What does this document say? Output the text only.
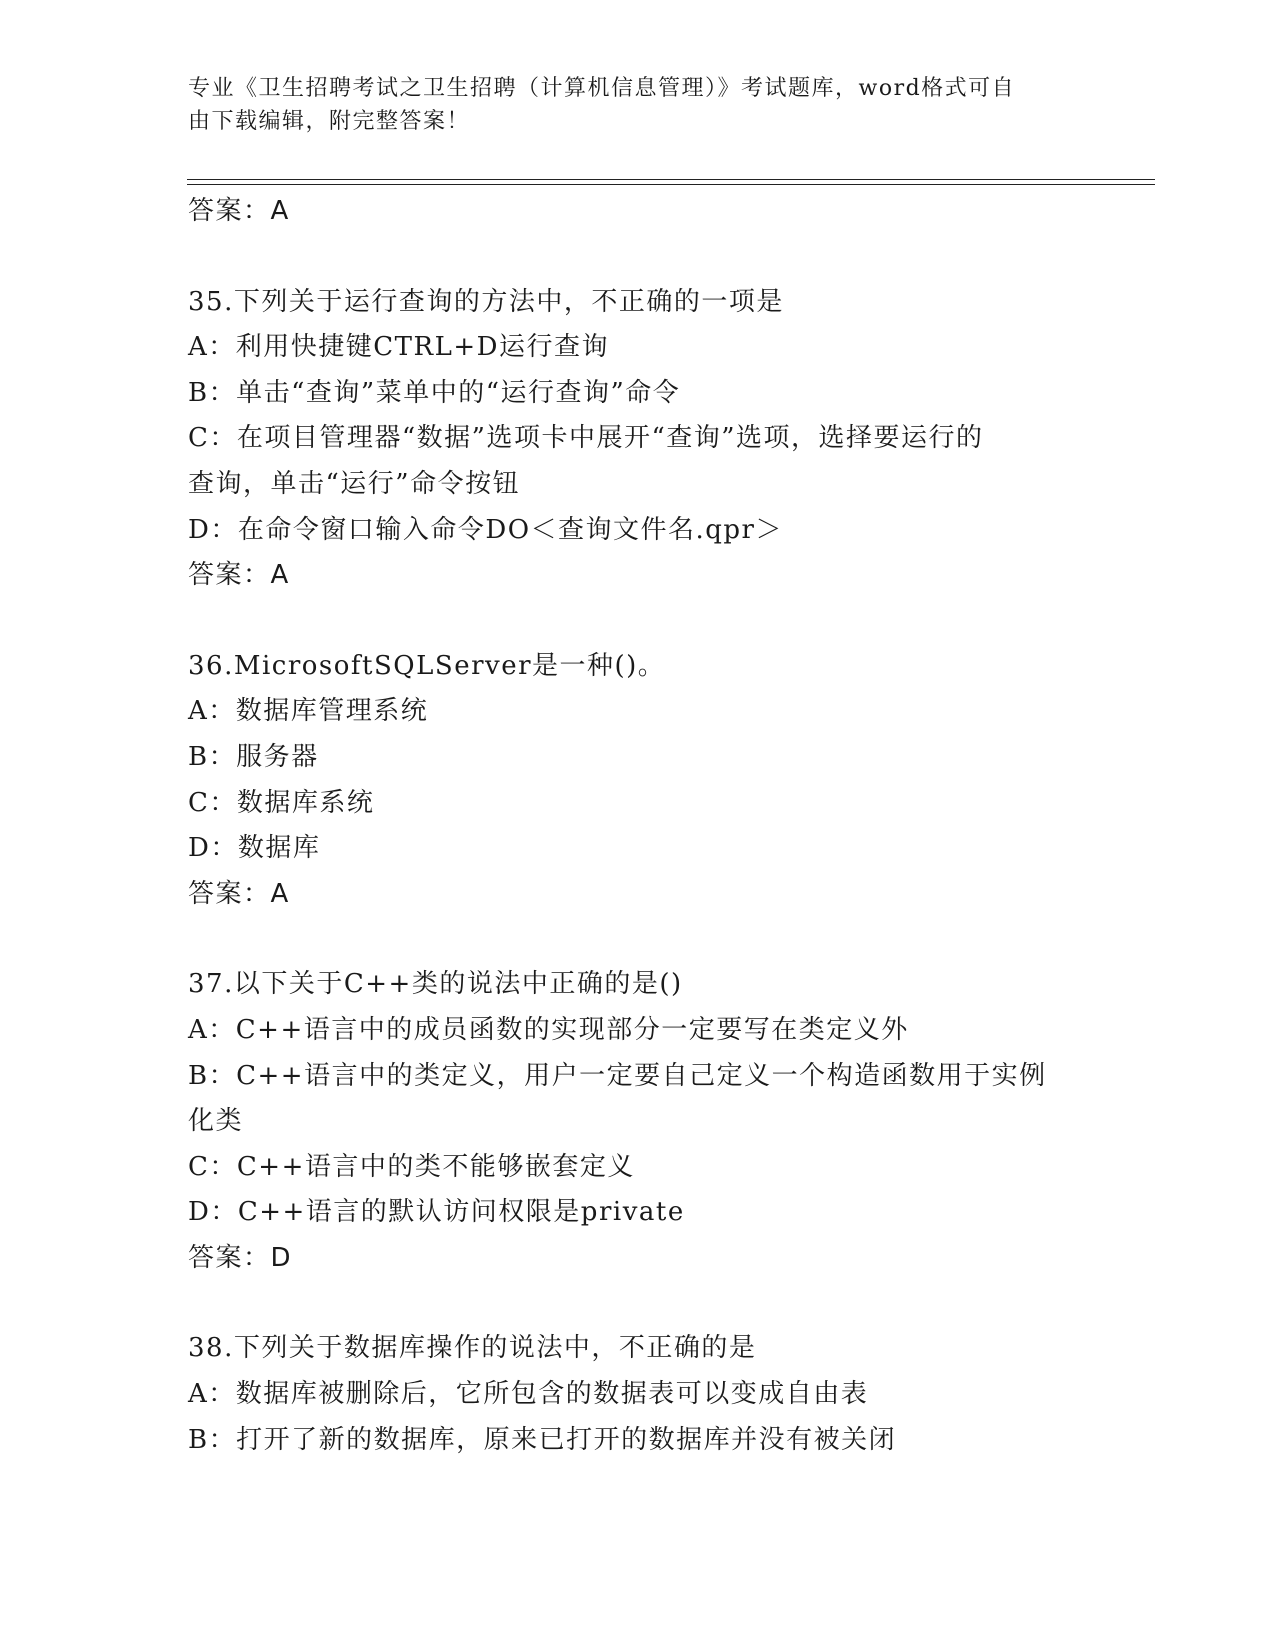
专业《卫生招聘考试之卫生招聘（计算机信息管理）》考试题库，word格式可自
由下载编辑，附完整答案！
答案：A
35.下列关于运行查询的方法中，不正确的一项是
A：利用快捷键CTRL+D运行查询
B：单击“查询”菜单中的“运行查询”命令
C：在项目管理器“数据”选项卡中展开“查询”选项，选择要运行的
查询，单击“运行”命令按钮
D：在命令窗口输入命令DO＜查询文件名.qpr＞
答案：A
36.MicrosoftSQLServer是一种()。
A：数据库管理系统
B：服务器
C：数据库系统
D：数据库
答案：A
37.以下关于C++类的说法中正确的是()
A：C++语言中的成员函数的实现部分一定要写在类定义外
B：C++语言中的类定义，用户一定要自己定义一个构造函数用于实例
化类
C：C++语言中的类不能够嵌套定义
D：C++语言的默认访问权限是private
答案：D
38.下列关于数据库操作的说法中，不正确的是
A：数据库被删除后，它所包含的数据表可以变成自由表
B：打开了新的数据库，原来已打开的数据库并没有被关闭
